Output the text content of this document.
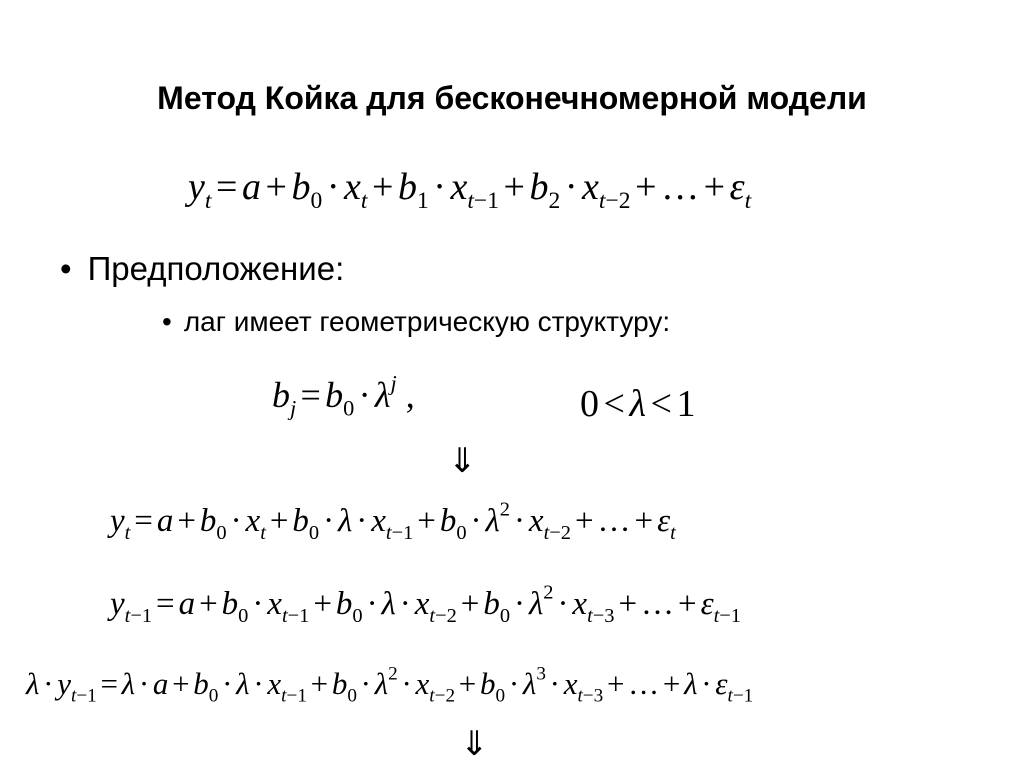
Метод Койка для бесконечномерной модели
$y_t = a + b_0 \cdot x_t + b_1 \cdot x_{t-1} + b_2 \cdot x_{t-2}$ + … + $\varepsilon_t$
• Предположение:
• лаг имеет геометрическую структуру:
$b_j = b_0 \cdot \lambda^j$ ,	0 < λ < 1
⇓
$y_t = a + b_0 \cdot x_t + b_0 \cdot \lambda \cdot x_{t-1} + b_0 \cdot \lambda^2 \cdot x_{t-2}$ + … + $\varepsilon_t$
$y_{t-1} = a + b_0 \cdot x_{t-1} + b_0 \cdot \lambda \cdot x_{t-2} + b_0 \cdot \lambda^2 \cdot x_{t-3}$ + … + $\varepsilon_{t-1}$
$\lambda \cdot y_{t-1} = \lambda \cdot a + b_0 \cdot \lambda \cdot x_{t-1} + b_0 \cdot \lambda^2 \cdot x_{t-2} + b_0 \cdot \lambda^3 \cdot x_{t-3}$ + … + $\lambda \cdot \varepsilon_{t-1}$
⇓
